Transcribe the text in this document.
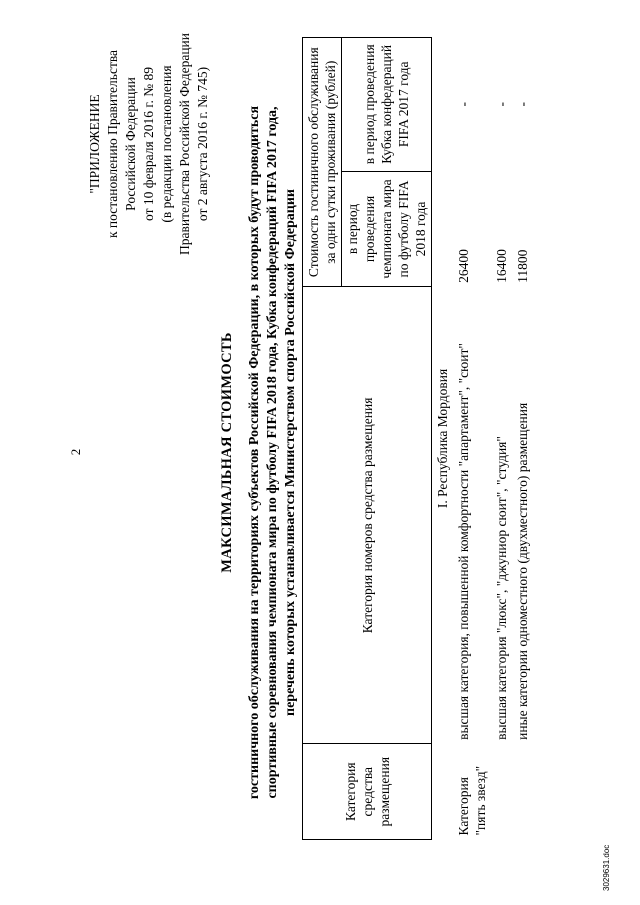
2
"ПРИЛОЖЕНИЕ к постановлению Правительства Российской Федерации от 10 февраля 2016 г. № 89 (в редакции постановления Правительства Российской Федерации от 2 августа 2016 г. № 745)
МАКСИМАЛЬНАЯ СТОИМОСТЬ гостиничного обслуживания на территориях субъектов Российской Федерации, в которых будут проводиться спортивные соревнования чемпионата мира по футболу FIFA 2018 года, Кубка конфедераций FIFA 2017 года, перечень которых устанавливается Министерством спорта Российской Федерации
Категория средства размещения	Категория номеров средства размещения	Стоимость гостиничного обслуживания за одни сутки проживания (рублей)	
		в период проведения чемпионата мира по футболу FIFA 2018 года	в период проведения Кубка конфедераций FIFA 2017 года
I. Республика Мордовия			
Категория "пять звезд"	высшая категория, повышенной комфортности "апартамент", "сюит"	26400	-
	высшая категория "люкс", "джуниор сюит", "студия"	16400	-
	иные категории одноместного (двухместного) размещения	11800	-
3029631.doc
